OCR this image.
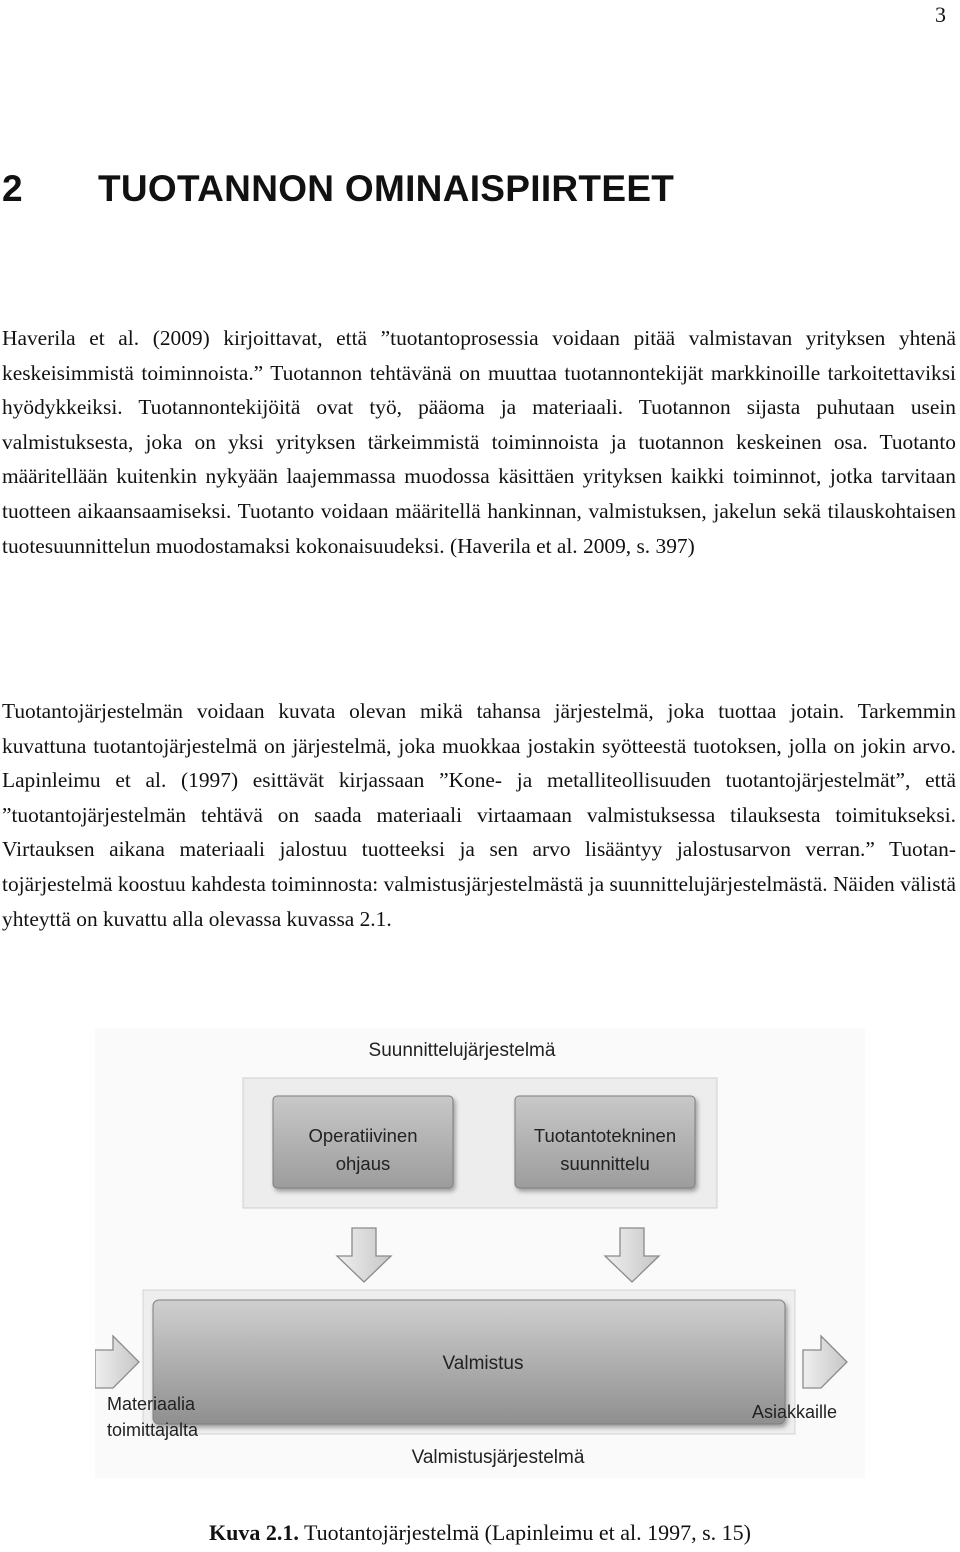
3
2 TUOTANNON OMINAISPIIRTEET

Haverila et al. (2009) kirjoittavat, että ”tuotantoprosessia voidaan pitää valmistavan yrityksen yhtenä keskeisimmistä toiminnoista.” Tuotannon tehtävänä on muuttaa tuotannontekijät markkinoille tarkoitettaviksi hyödykkeiksi. Tuotannontekijöitä ovat työ, pääoma ja materiaali. Tuotannon sijasta puhutaan usein valmistuksesta, joka on yksi yrityksen tärkeimmistä toiminnoista ja tuotannon keskeinen osa. Tuotanto määritellään kuitenkin nykyään laajemmassa muodossa käsittäen yrityksen kaikki toiminnot, jotka tarvitaan tuotteen aikaansaamiseksi. Tuotanto voidaan määritellä hankinnan, valmistuksen, jakelun sekä tilauskohtaisen tuotesuunnittelun muodostamaksi kokonaisuudeksi. (Haverila et al. 2009, s. 397)

Tuotantojärjestelmän voidaan kuvata olevan mikä tahansa järjestelmä, joka tuottaa jotain. Tarkemmin kuvattuna tuotantojärjestelmä on järjestelmä, joka muokkaa jostakin syötteestä tuotoksen, jolla on jokin arvo. Lapinleimu et al. (1997) esittävät kirjassaan ”Kone- ja metalliteollisuuden tuotantojärjestelmät”, että ”tuotantojärjestelmän tehtävä on saada materiaali virtaamaan valmistuksessa tilauksesta toimitukseksi. Virtauksen aikana materiaali jalostuu tuotteeksi ja sen arvo lisääntyy jalostusarvon verran.” Tuotantojärjestelmä koostuu kahdesta toiminnosta: valmistusjärjestelmästä ja suunnittelujärjestelmästä. Näiden välistä yhteyttä on kuvattu alla olevassa kuvassa 2.1.

Suunnittelujärjestelmä
Operatiivinen
ohjaus
Tuotantotekninen
suunnittelu
Valmistus
Materiaalia
toimittajalta
Asiakkaille
Valmistusjärjestelmä

Kuva 2.1. Tuotantojärjestelmä (Lapinleimu et al. 1997, s. 15)
